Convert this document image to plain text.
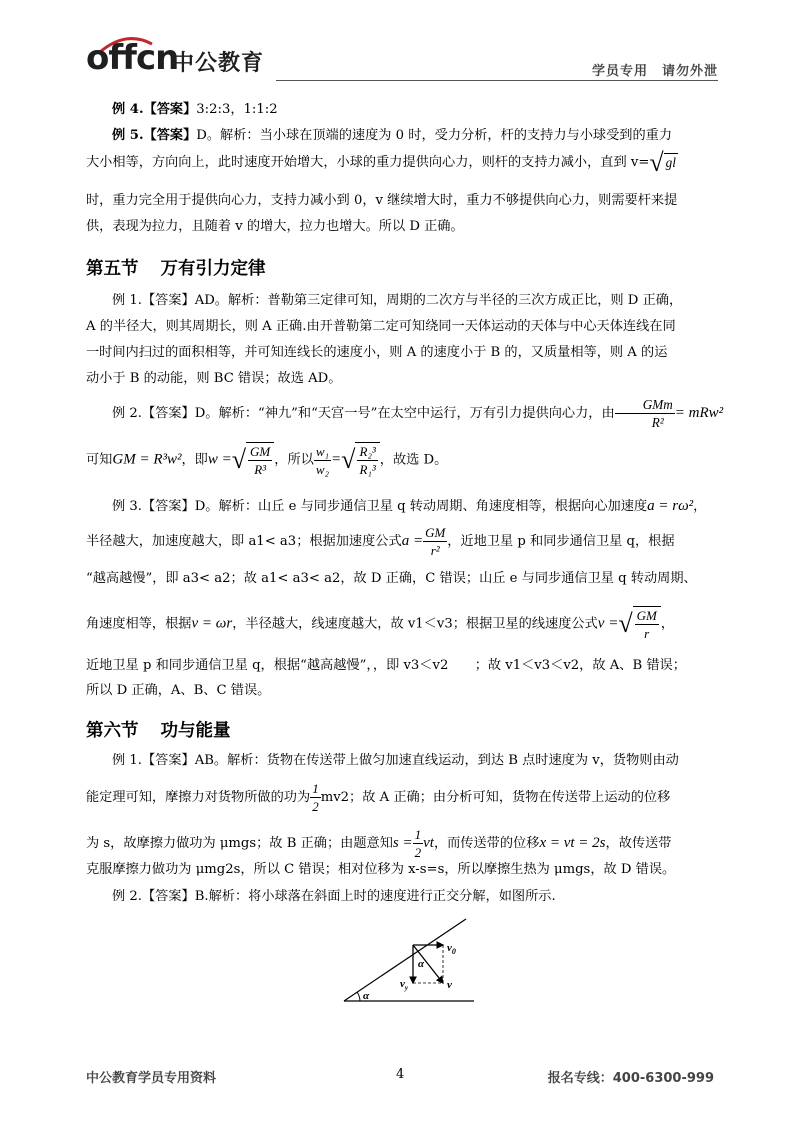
offcn
中公教育	学员专用　请勿外泄
例 4.【答案】3:2:3，1:1:2
例 5.【答案】D。解析：当小球在顶端的速度为 0 时，受力分析，杆的支持力与小球受到的重力
大小相等，方向向上，此时速度开始增大，小球的重力提供向心力，则杆的支持力减小，直到 v=√ gl
时，重力完全用于提供向心力，支持力减小到 0，v 继续增大时，重力不够提供向心力，则需要杆来提
供，表现为拉力，且随着 v 的增大，拉力也增大。所以 D 正确。
第五节 万有引力定律
例 1.【答案】AD。解析：普勒第三定律可知，周期的二次方与半径的三次方成正比，则 D 正确，
A 的半径大，则其周期长，则 A 正确.由开普勒第二定可知绕同一天体运动的天体与中心天体连线在同
一时间内扫过的面积相等，并可知连线长的速度小，则 A 的速度小于 B 的，又质量相等，则 A 的运
动小于 B 的动能，则 BC 错误；故选 AD。
例 2.【答案】D。解析：“神九”和“天宫一号”在太空中运行，万有引力提供向心力，由 $\frac{\text{GMm}}{\text{R²}} = mRw^2$
可知GM = R³w²，即w =√ $\frac{GM}{\text{R³}}$ ，所以 $\frac{\text{w₁}}{\text{w₂}}$ =√ $\frac{\text{R₂³}}{\text{R₁³}}$ ，故选 D。
例 3.【答案】D。解析：山丘 e 与同步通信卫星 q 转动周期、角速度相等，根据向心加速度a = rω²，
半径越大，加速度越大，即 a1< a3；根据加速度公式$a = \frac{GM}{\text{r²}}$ ，近地卫星 p 和同步通信卫星 q，根据
“越高越慢”，即 a3< a2；故 a1< a3< a2，故 D 正确，C 错误；山丘 e 与同步通信卫星 q 转动周期、
角速度相等，根据v = ωr，半径越大，线速度越大，故 v1＜v3；根据卫星的线速度公式v =√ $\frac{GM}{r}$ ，
近地卫星 p 和同步通信卫星 q，根据“越高越慢”，，即 v3＜v2　　；故 v1＜v3＜v2，故 A、B 错误；
所以 D 正确，A、B、C 错误。
第六节 功与能量
例 1.【答案】AB。解析：货物在传送带上做匀加速直线运动，到达 B 点时速度为 v，货物则由动
能定理可知，摩擦力对货物所做的功为 $\frac{1}{2} mv2$；故 A 正确；由分析可知，货物在传送带上运动的位移
为 s，故摩擦力做功为 μmgs；故 B 正确；由题意知$s = \frac{1}{2}$ vt，而传送带的位移x = vt = 2s，故传送带
克服摩擦力做功为 μmg2s，所以 C 错误；相对位移为 x-s=s，所以摩擦生热为 μmgs，故 D 错误。
例 2.【答案】B.解析：将小球落在斜面上时的速度进行正交分解，如图所示.
$v_0$
v
$v_y$
α
α
中公教育学员专用资料	4	报名专线：400-6300-999
